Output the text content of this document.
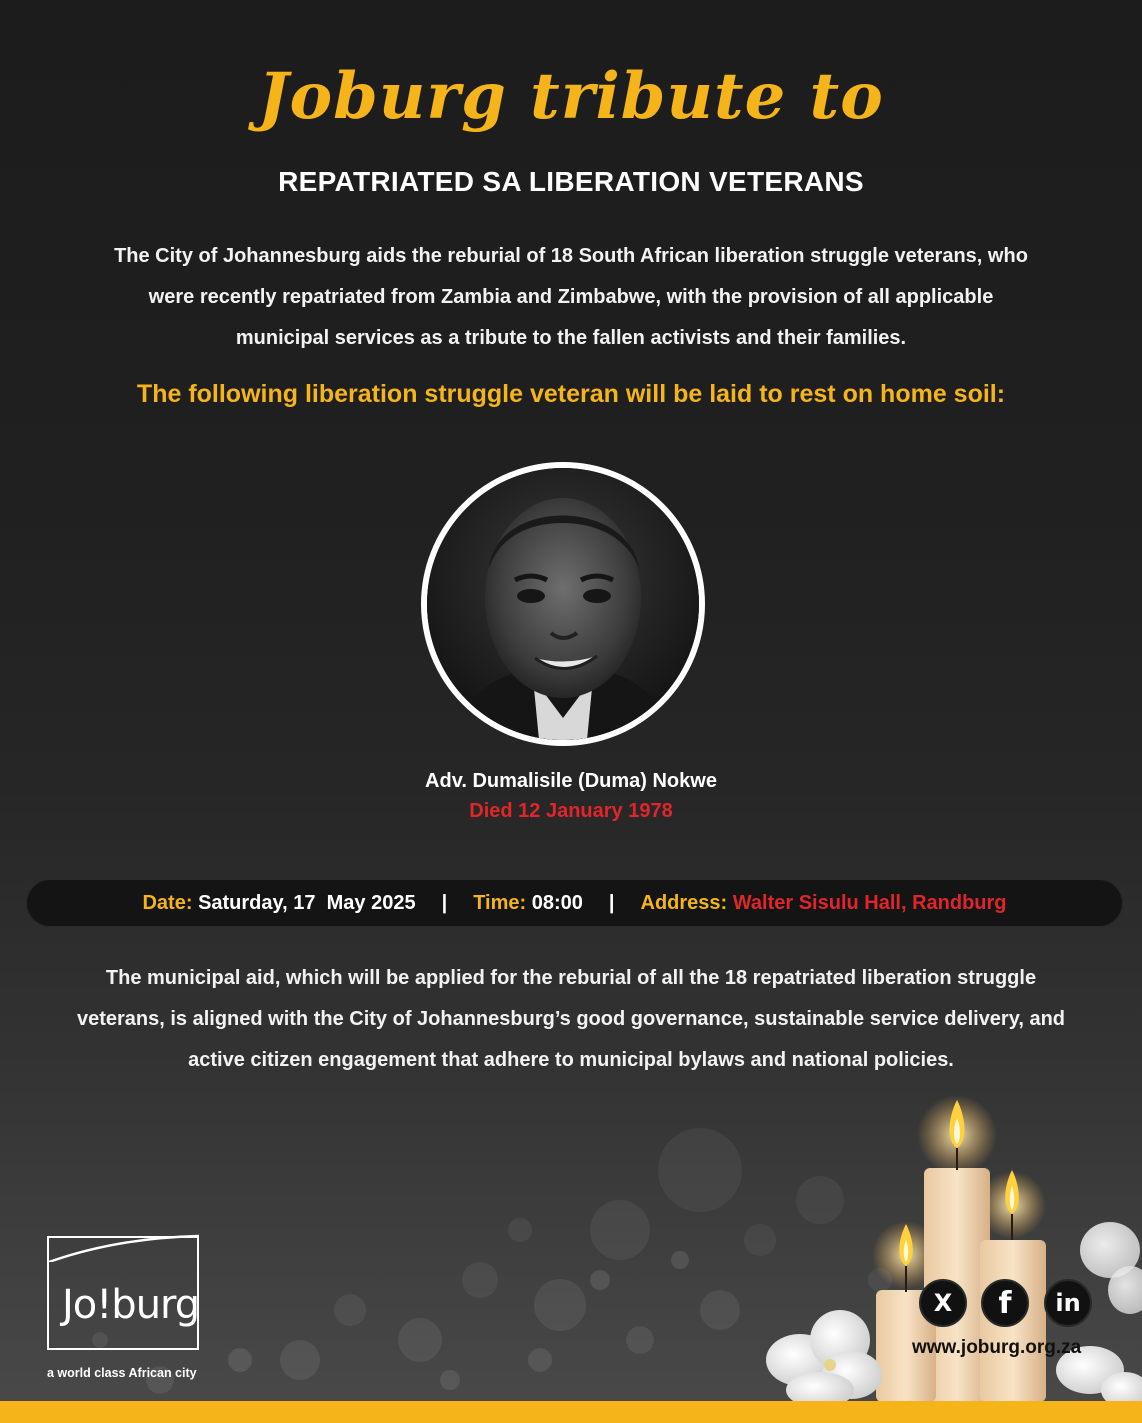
Joburg tribute to
REPATRIATED SA LIBERATION VETERANS
The City of Johannesburg aids the reburial of 18 South African liberation struggle veterans, who were recently repatriated from Zambia and Zimbabwe, with the provision of all applicable municipal services as a tribute to the fallen activists and their families.
The following liberation struggle veteran will be laid to rest on home soil:
Adv. Dumalisile (Duma) Nokwe
Died 12 January 1978
Date:
Saturday, 17  May 2025 | Time:
08:00 | Address:
Walter Sisulu Hall, Randburg
The municipal aid, which will be applied for the reburial of all the 18 repatriated liberation struggle veterans, is aligned with the City of Johannesburg’s good governance, sustainable service delivery, and active citizen engagement that adhere to municipal bylaws and national policies.
Jo!burg
a world class African city
X	f	in
www.joburg.org.za
